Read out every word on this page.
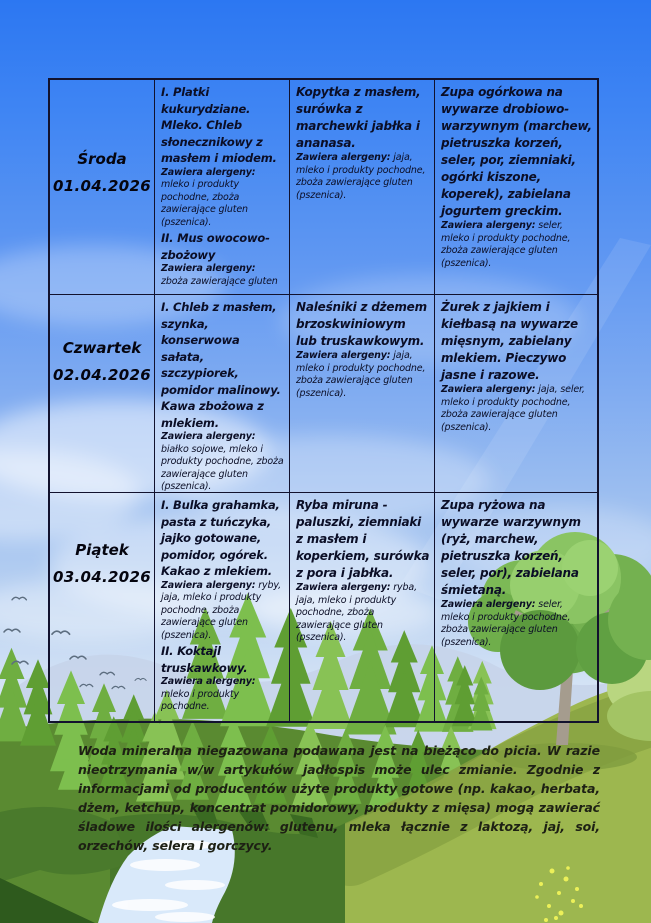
Środa
01.04.2026

I. Platki kukurydziane. Mleko. Chleb słonecznikowy z masłem i miodem.

Zawiera alergeny: mleko i produkty pochodne, zboża zawierające gluten (pszenica).

II. Mus owocowo-zbożowy

Zawiera alergeny: zboża zawierające gluten

Kopytka z masłem, surówka z marchewki jabłka i ananasa.

Zawiera alergeny: jaja, mleko i produkty pochodne, zboża zawierające gluten (pszenica).

Zupa ogórkowa na wywarze drobiowo-warzywnym (marchew, pietruszka korzeń, seler, por, ziemniaki, ogórki kiszone, koperek), zabielana jogurtem greckim.

Zawiera alergeny: seler, mleko i produkty pochodne, zboża zawierające gluten (pszenica).

Czwartek
02.04.2026

I. Chleb z masłem, szynka, konserwowa sałata, szczypiorek, pomidor malinowy. Kawa zbożowa z mlekiem.

Zawiera alergeny: białko sojowe, mleko i produkty pochodne, zboża zawierające gluten (pszenica).

Naleśniki z dżemem brzoskwiniowym lub truskawkowym.

Zawiera alergeny: jaja, mleko i produkty pochodne, zboża zawierające gluten (pszenica).

Żurek z jajkiem i kiełbasą na wywarze mięsnym, zabielany mlekiem. Pieczywo jasne i razowe.

Zawiera alergeny: jaja, seler, mleko i produkty pochodne, zboża zawierające gluten (pszenica).

Piątek
03.04.2026

I. Bulka grahamka, pasta z tuńczyka, jajko gotowane, pomidor, ogórek. Kakao z mlekiem.

Zawiera alergeny: ryby, jaja, mleko i produkty pochodne, zboża zawierające gluten (pszenica).

II. Koktajl truskawkowy.

Zawiera alergeny: mleko i produkty pochodne.

Ryba miruna - paluszki, ziemniaki z masłem i koperkiem, surówka z pora i jabłka.

Zawiera alergeny: ryba, jaja, mleko i produkty pochodne, zboża zawierające gluten (pszenica).

Zupa ryżowa na wywarze warzywnym (ryż, marchew, pietruszka korzeń, seler, por), zabielana śmietaną.

Zawiera alergeny: seler, mleko i produkty pochodne, zboża zawierające gluten (pszenica).

Woda mineralna niegazowana podawana jest na bieżąco do picia. W razie nieotrzymania w/w artykułów jadłospis może ulec zmianie. Zgodnie z informacjami od producentów użyte produkty gotowe (np. kakao, herbata, dżem, ketchup, koncentrat pomidorowy, produkty z mięsa) mogą zawierać śladowe ilości alergenów: glutenu, mleka łącznie z laktozą, jaj, soi, orzechów, selera i gorczycy.
